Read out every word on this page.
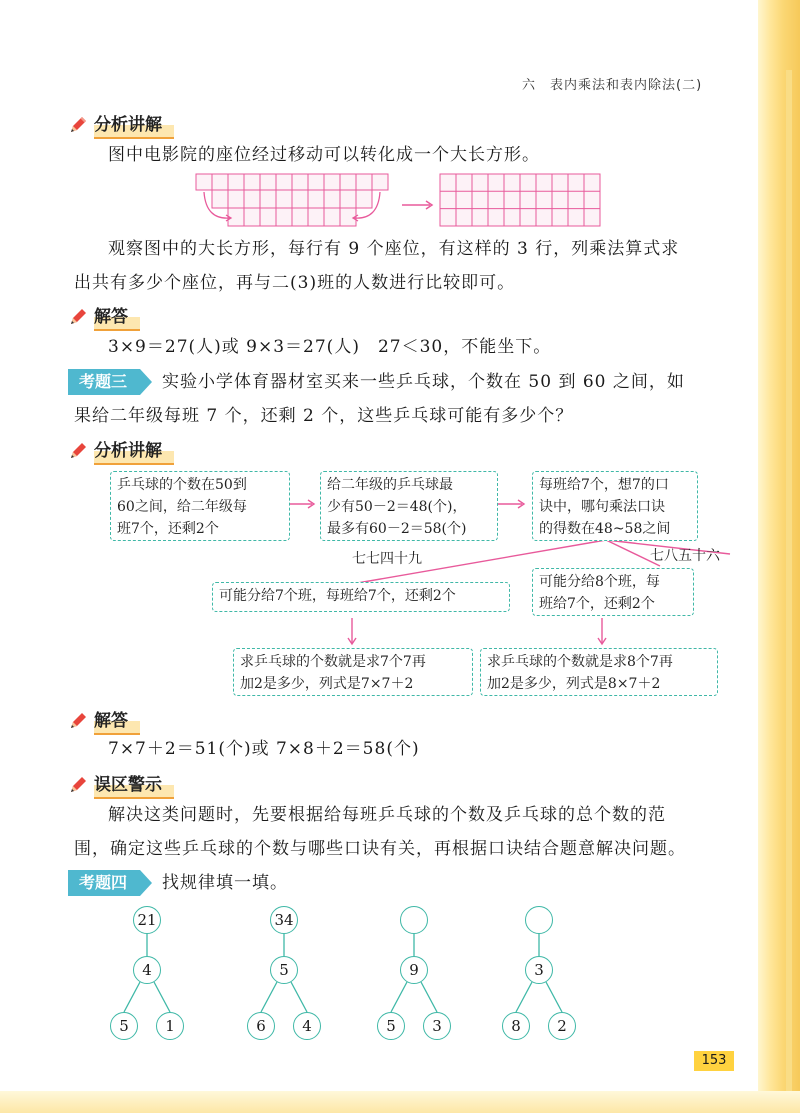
六　表内乘法和表内除法(二)
分析讲解
图中电影院的座位经过移动可以转化成一个大长方形。
观察图中的大长方形，每行有 9 个座位，有这样的 3 行，列乘法算式求
出共有多少个座位，再与二(3)班的人数进行比较即可。
解答
3×9＝27(人)或 9×3＝27(人)　27＜30，不能坐下。
考题三	实验小学体育器材室买来一些乒乓球，个数在 50 到 60 之间，如
果给二年级每班 7 个，还剩 2 个，这些乒乓球可能有多少个？
分析讲解
乒乓球的个数在50到
60之间，给二年级每
班7个，还剩2个
给二年级的乒乓球最
少有50－2＝48(个)，
最多有60－2＝58(个)
每班给7个，想7的口
诀中，哪句乘法口诀
的得数在48~58之间
七七四十九	七八五十六
可能分给7个班，每班给7个，还剩2个
可能分给8个班，每
班给7个，还剩2个
求乒乓球的个数就是求7个7再
加2是多少，列式是7×7＋2
求乒乓球的个数就是求8个7再
加2是多少，列式是8×7＋2
解答
7×7＋2＝51(个)或 7×8＋2＝58(个)
误区警示
解决这类问题时，先要根据给每班乒乓球的个数及乒乓球的总个数的范
围，确定这些乒乓球的个数与哪些口诀有关，再根据口诀结合题意解决问题。
考题四	找规律填一填。
21
4
5	1
34
5
6	4
9
5	3
3
8	2
153
